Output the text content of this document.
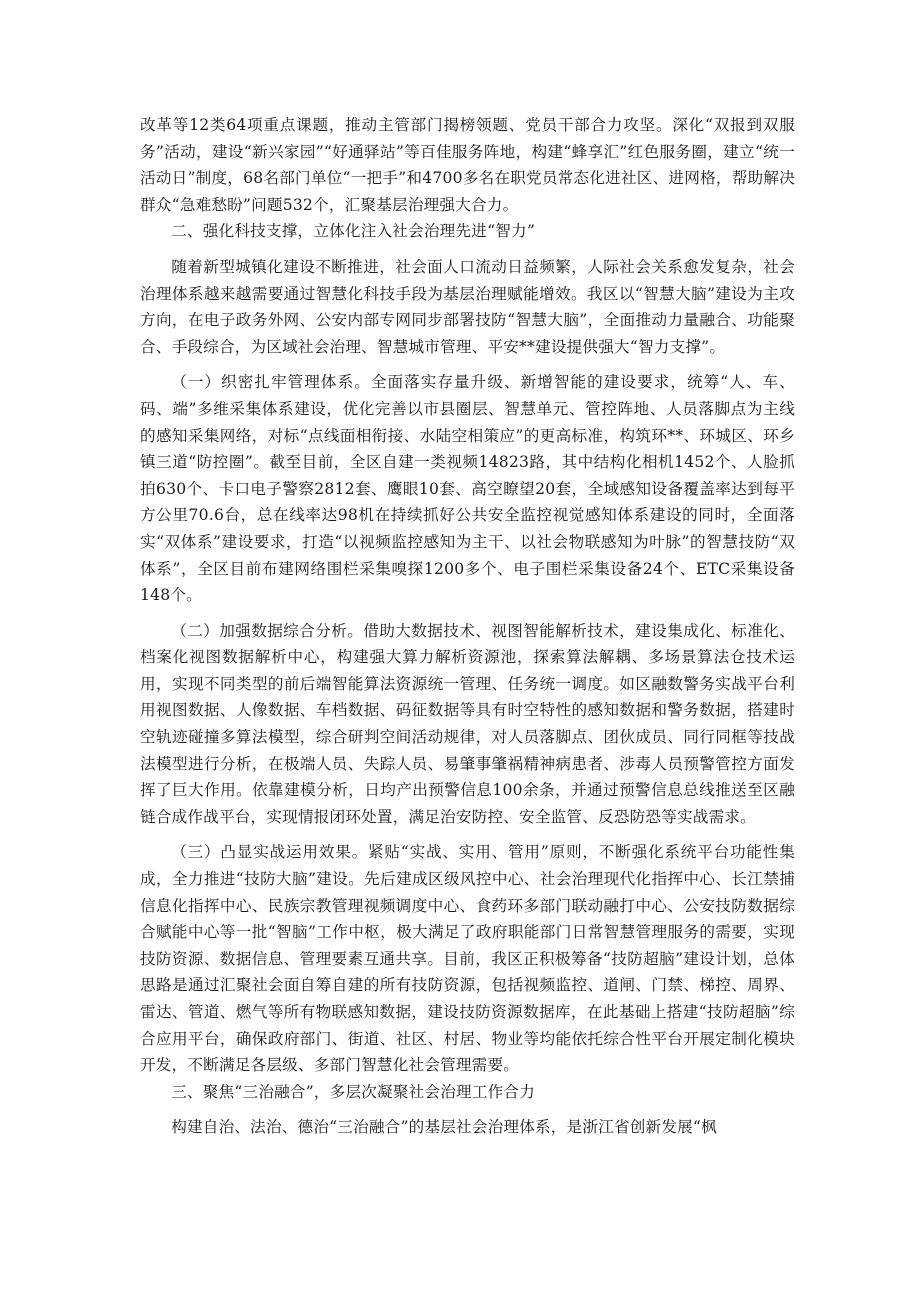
改革等12类64项重点课题，推动主管部门揭榜领题、党员干部合力攻坚。深化“双报到双服务”活动，建设“新兴家园”“好通驿站”等百佳服务阵地，构建“蜂享汇”红色服务圈，建立“统一活动日”制度，68名部门单位“一把手”和4700多名在职党员常态化进社区、进网格，帮助解决群众“急难愁盼”问题532个，汇聚基层治理强大合力。

二、强化科技支撑，立体化注入社会治理先进“智力”

随着新型城镇化建设不断推进，社会面人口流动日益频繁，人际社会关系愈发复杂，社会治理体系越来越需要通过智慧化科技手段为基层治理赋能增效。我区以“智慧大脑”建设为主攻方向，在电子政务外网、公安内部专网同步部署技防“智慧大脑”，全面推动力量融合、功能聚合、手段综合，为区域社会治理、智慧城市管理、平安**建设提供强大“智力支撑”。

（一）织密扎牢管理体系。全面落实存量升级、新增智能的建设要求，统筹“人、车、码、端”多维采集体系建设，优化完善以市县圈层、智慧单元、管控阵地、人员落脚点为主线的感知采集网络，对标“点线面相衔接、水陆空相策应”的更高标准，构筑环**、环城区、环乡镇三道“防控圈”。截至目前，全区自建一类视频14823路，其中结构化相机1452个、人脸抓拍630个、卡口电子警察2812套、鹰眼10套、高空瞭望20套，全域感知设备覆盖率达到每平方公里70.6台，总在线率达98机在持续抓好公共安全监控视觉感知体系建设的同时，全面落实“双体系”建设要求，打造“以视频监控感知为主干、以社会物联感知为叶脉”的智慧技防“双体系”，全区目前布建网络围栏采集嗅探1200多个、电子围栏采集设备24个、ETC采集设备148个。

（二）加强数据综合分析。借助大数据技术、视图智能解析技术，建设集成化、标准化、档案化视图数据解析中心，构建强大算力解析资源池，探索算法解耦、多场景算法仓技术运用，实现不同类型的前后端智能算法资源统一管理、任务统一调度。如区融数警务实战平台利用视图数据、人像数据、车档数据、码征数据等具有时空特性的感知数据和警务数据，搭建时空轨迹碰撞多算法模型，综合研判空间活动规律，对人员落脚点、团伙成员、同行同框等技战法模型进行分析，在极端人员、失踪人员、易肇事肇祸精神病患者、涉毒人员预警管控方面发挥了巨大作用。依靠建模分析，日均产出预警信息100余条，并通过预警信息总线推送至区融链合成作战平台，实现情报闭环处置，满足治安防控、安全监管、反恐防恐等实战需求。

（三）凸显实战运用效果。紧贴“实战、实用、管用”原则，不断强化系统平台功能性集成，全力推进“技防大脑”建设。先后建成区级风控中心、社会治理现代化指挥中心、长江禁捕信息化指挥中心、民族宗教管理视频调度中心、食药环多部门联动融打中心、公安技防数据综合赋能中心等一批“智脑”工作中枢，极大满足了政府职能部门日常智慧管理服务的需要，实现技防资源、数据信息、管理要素互通共享。目前，我区正积极筹备“技防超脑”建设计划，总体思路是通过汇聚社会面自筹自建的所有技防资源，包括视频监控、道闸、门禁、梯控、周界、雷达、管道、燃气等所有物联感知数据，建设技防资源数据库，在此基础上搭建“技防超脑”综合应用平台，确保政府部门、街道、社区、村居、物业等均能依托综合性平台开展定制化模块开发，不断满足各层级、多部门智慧化社会管理需要。

三、聚焦“三治融合”，多层次凝聚社会治理工作合力

构建自治、法治、德治“三治融合”的基层社会治理体系，是浙江省创新发展“枫
